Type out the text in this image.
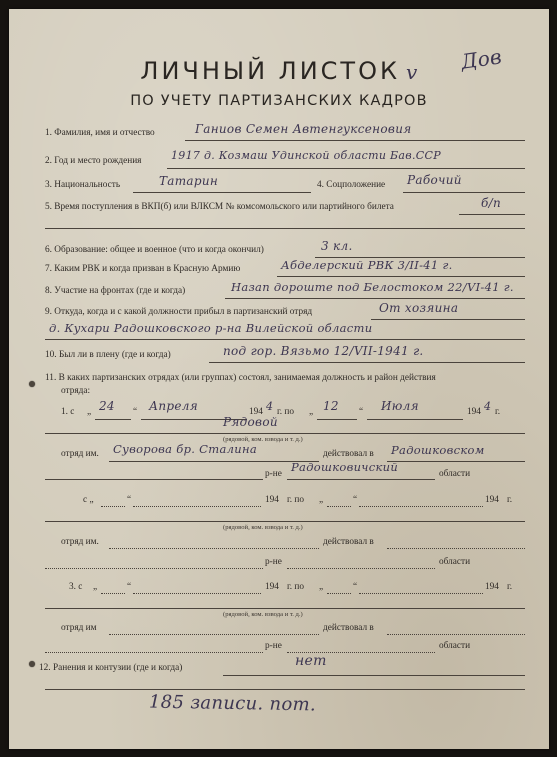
ЛИЧНЫЙ ЛИСТОК v	Дов
ПО УЧЕТУ ПАРТИЗАНСКИХ КАДРОВ
1. Фамилия, имя и отчество	Ганиов Семен Автенгуксеновия
2. Год и место рождения	1917 д. Козмаш Удинской области Бав.ССР
3. Национальность	Татарин	4. Соцположение Рабочий
5. Время поступления в ВКП(б) или ВЛКСМ № комсомольского или партийного билета	б/п
6. Образование: общее и военное (что и когда окончил)	3 кл.
7. Каким РВК и когда призван в Красную Армию	Абделерский РВК 3/II-41 г.
8. Участие на фронтах (где и когда)	Назап дороште под Белостоком 22/VI-41 г.
9. Откуда, когда и с какой должности прибыл в партизанский отряд	От хозяина
д. Кухари Радошковского р-на Вилейской области
10. Был ли в плену (где и когда)	под гор. Вязьмо 12/VII-1941 г.
11. В каких партизанских отрядах (или группах) состоял, занимаемая должность и район действия
отряда:
1. с „ 24 “ Апреля	194 4 г. по „ 12 “ Июля	194 4 г.
Рядовой
(рядовой, ком. взвода и т. д.)
отряд им. Суворова бр. Сталина	действовал в Радошковском
р-не Радошковичский	области
с „	“	194 г. по „	“	194 г.
(рядовой, ком. взвода и т. д.)
отряд им.	действовал в
р-не	области
3. с „	“	194 г. по „	“	194 г.
(рядовой, ком. взвода и т. д.)
отряд им	действовал в
р-не	области
12. Ранения и контузии (где и когда)	нет
185 записи. пот.
